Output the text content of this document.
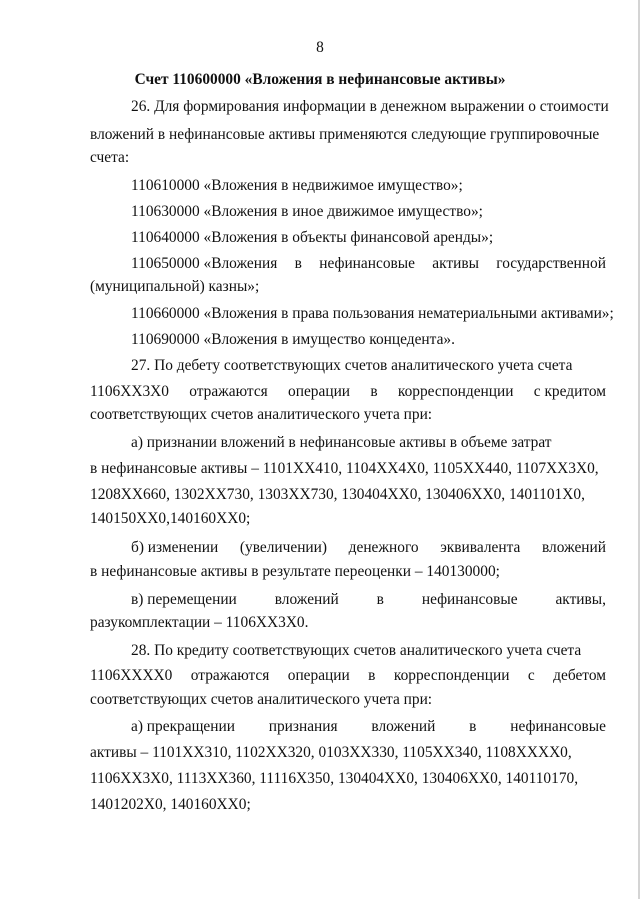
8
Счет 110600000 «Вложения в нефинансовые активы»
26. Для формирования информации в денежном выражении о стоимости
вложений в нефинансовые активы применяются следующие группировочные
счета:
110610000 «Вложения в недвижимое имущество»;
110630000 «Вложения в иное движимое имущество»;
110640000 «Вложения в объекты финансовой аренды»;
110650000 «Вложения в нефинансовые активы государственной
(муниципальной) казны»;
110660000 «Вложения в права пользования нематериальными активами»;
110690000 «Вложения в имущество концедента».
27. По дебету соответствующих счетов аналитического учета счета
1106ХХ3Х0 отражаются операции в корреспонденции с кредитом
соответствующих счетов аналитического учета при:
а) признании вложений в нефинансовые активы в объеме затрат
в нефинансовые активы – 1101ХХ410, 1104ХХ4Х0, 1105ХХ440, 1107ХХ3Х0,
1208ХХ660, 1302ХХ730, 1303ХХ730, 130404ХХ0, 130406ХХ0, 1401101Х0,
140150ХХ0,140160ХХ0;
б) изменении (увеличении) денежного эквивалента вложений
в нефинансовые активы в результате переоценки – 140130000;
в) перемещении вложений в нефинансовые активы,
разукомплектации – 1106ХХ3Х0.
28. По кредиту соответствующих счетов аналитического учета счета
1106ХХХХ0 отражаются операции в корреспонденции с дебетом
соответствующих счетов аналитического учета при:
а) прекращении признания вложений в нефинансовые
активы – 1101ХХ310, 1102ХХ320, 0103ХХ330, 1105ХХ340, 1108ХХХХ0,
1106ХХ3Х0, 1113ХХ360, 11116Х350, 130404ХХ0, 130406ХХ0, 140110170,
1401202Х0, 140160ХХ0;
